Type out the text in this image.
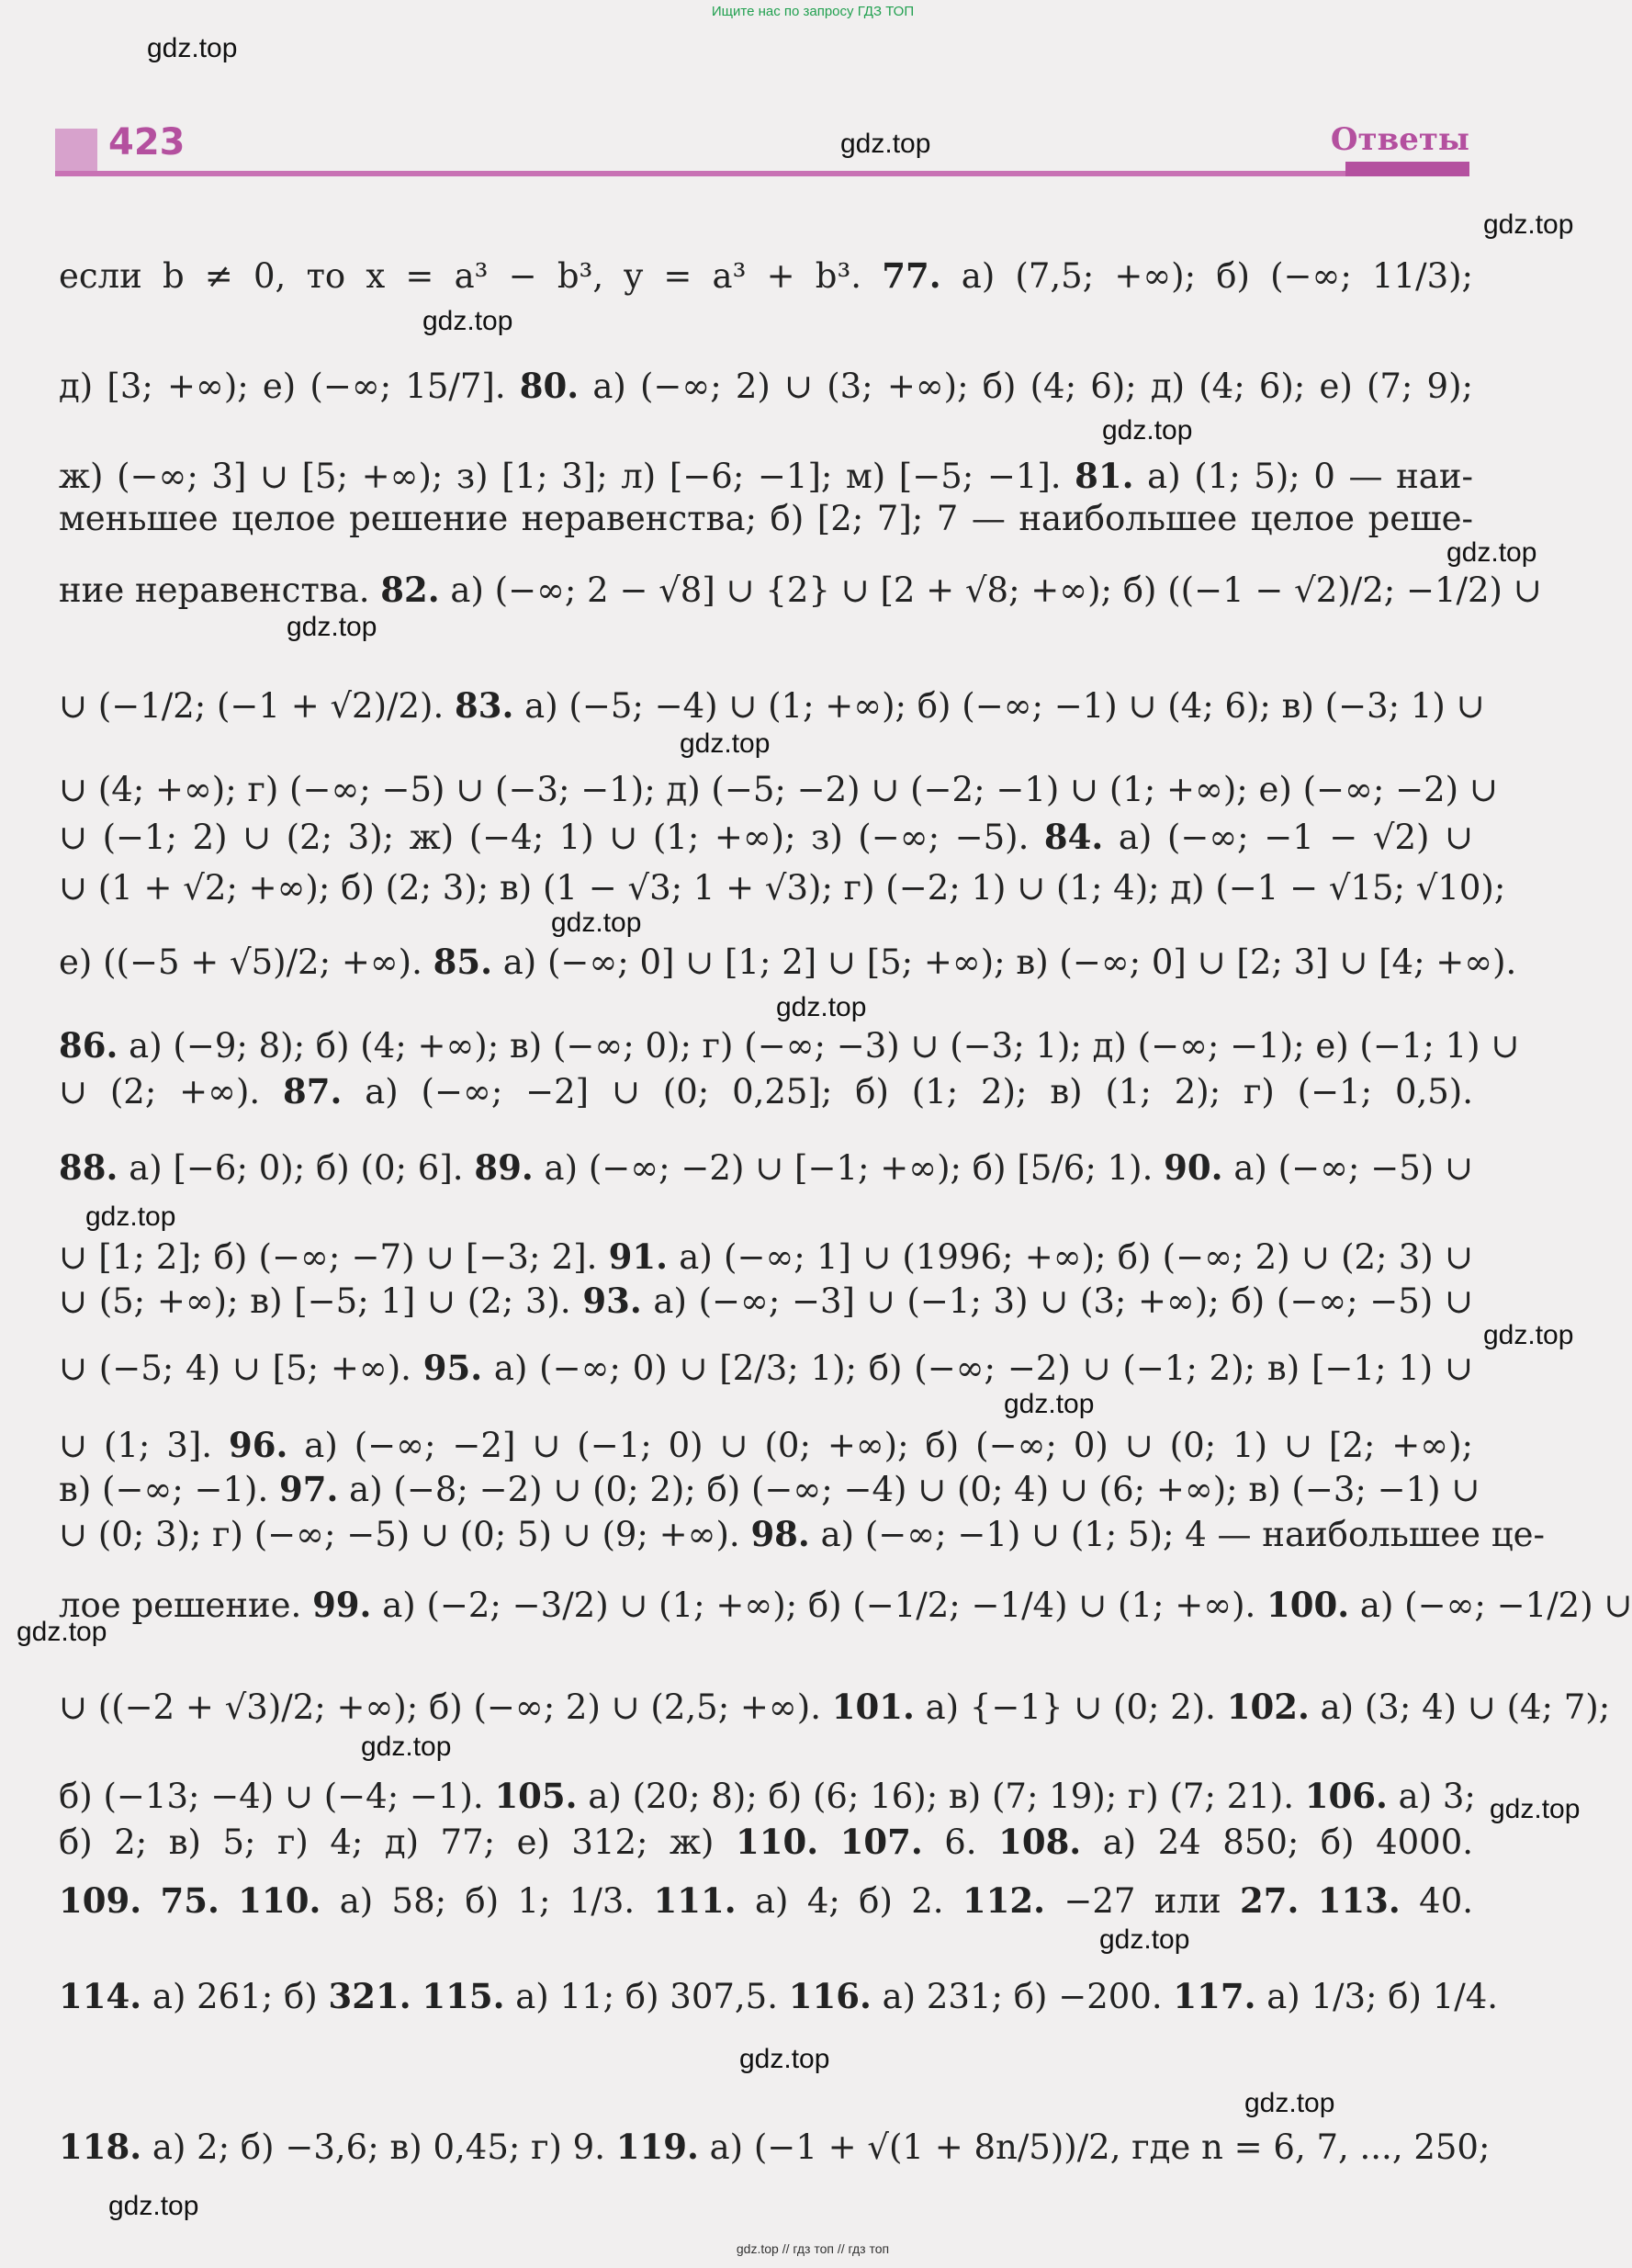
Ищите нас по запросу ГДЗ ТОП
423	Ответы
gdz.top
gdz.top
gdz.top
gdz.top
gdz.top
gdz.top
gdz.top
gdz.top
gdz.top
gdz.top
gdz.top
gdz.top
gdz.top
gdz.top
gdz.top
gdz.top
gdz.top
gdz.top
gdz.top
gdz.top
если b ≠ 0, то x = a³ − b³, y = a³ + b³. 77. а) (7,5; +∞); б) (−∞; 11/3);
д) [3; +∞); е) (−∞; 15/7]. 80. а) (−∞; 2) ∪ (3; +∞); б) (4; 6); д) (4; 6); е) (7; 9);
ж) (−∞; 3] ∪ [5; +∞); з) [1; 3]; л) [−6; −1]; м) [−5; −1]. 81. а) (1; 5); 0 — наи-
меньшее целое решение неравенства; б) [2; 7]; 7 — наибольшее целое реше-
ние неравенства. 82. а) (−∞; 2 − √8] ∪ {2} ∪ [2 + √8; +∞); б) ((−1 − √2)/2; −1/2) ∪
∪ (−1/2; (−1 + √2)/2). 83. а) (−5; −4) ∪ (1; +∞); б) (−∞; −1) ∪ (4; 6); в) (−3; 1) ∪
∪ (4; +∞); г) (−∞; −5) ∪ (−3; −1); д) (−5; −2) ∪ (−2; −1) ∪ (1; +∞); е) (−∞; −2) ∪
∪ (−1; 2) ∪ (2; 3); ж) (−4; 1) ∪ (1; +∞); з) (−∞; −5). 84. а) (−∞; −1 − √2) ∪
∪ (1 + √2; +∞); б) (2; 3); в) (1 − √3; 1 + √3); г) (−2; 1) ∪ (1; 4); д) (−1 − √15; √10);
е) ((−5 + √5)/2; +∞). 85. а) (−∞; 0] ∪ [1; 2] ∪ [5; +∞); в) (−∞; 0] ∪ [2; 3] ∪ [4; +∞).
86. а) (−9; 8); б) (4; +∞); в) (−∞; 0); г) (−∞; −3) ∪ (−3; 1); д) (−∞; −1); е) (−1; 1) ∪
∪ (2; +∞). 87. а) (−∞; −2] ∪ (0; 0,25]; б) (1; 2); в) (1; 2); г) (−1; 0,5).
88. а) [−6; 0); б) (0; 6]. 89. а) (−∞; −2) ∪ [−1; +∞); б) [5/6; 1). 90. а) (−∞; −5) ∪
∪ [1; 2]; б) (−∞; −7) ∪ [−3; 2]. 91. а) (−∞; 1] ∪ (1996; +∞); б) (−∞; 2) ∪ (2; 3) ∪
∪ (5; +∞); в) [−5; 1] ∪ (2; 3). 93. а) (−∞; −3] ∪ (−1; 3) ∪ (3; +∞); б) (−∞; −5) ∪
∪ (−5; 4) ∪ [5; +∞). 95. а) (−∞; 0) ∪ [2/3; 1); б) (−∞; −2) ∪ (−1; 2); в) [−1; 1) ∪
∪ (1; 3]. 96. а) (−∞; −2] ∪ (−1; 0) ∪ (0; +∞); б) (−∞; 0) ∪ (0; 1) ∪ [2; +∞);
в) (−∞; −1). 97. а) (−8; −2) ∪ (0; 2); б) (−∞; −4) ∪ (0; 4) ∪ (6; +∞); в) (−3; −1) ∪
∪ (0; 3); г) (−∞; −5) ∪ (0; 5) ∪ (9; +∞). 98. а) (−∞; −1) ∪ (1; 5); 4 — наибольшее це-
лое решение. 99. а) (−2; −3/2) ∪ (1; +∞); б) (−1/2; −1/4) ∪ (1; +∞). 100. а) (−∞; −1/2) ∪
∪ ((−2 + √3)/2; +∞); б) (−∞; 2) ∪ (2,5; +∞). 101. а) {−1} ∪ (0; 2). 102. а) (3; 4) ∪ (4; 7);
б) (−13; −4) ∪ (−4; −1). 105. а) (20; 8); б) (6; 16); в) (7; 19); г) (7; 21). 106. а) 3;
б) 2; в) 5; г) 4; д) 77; е) 312; ж) 110. 107. 6. 108. а) 24 850; б) 4000.
109. 75. 110. а) 58; б) 1; 1/3. 111. а) 4; б) 2. 112. −27 или 27. 113. 40.
114. а) 261; б) 321. 115. а) 11; б) 307,5. 116. а) 231; б) −200. 117. а) 1/3; б) 1/4.
118. а) 2; б) −3,6; в) 0,45; г) 9. 119. а) (−1 + √(1 + 8n/5))/2, где n = 6, 7, ..., 250;
gdz.top // гдз топ // гдз топ
